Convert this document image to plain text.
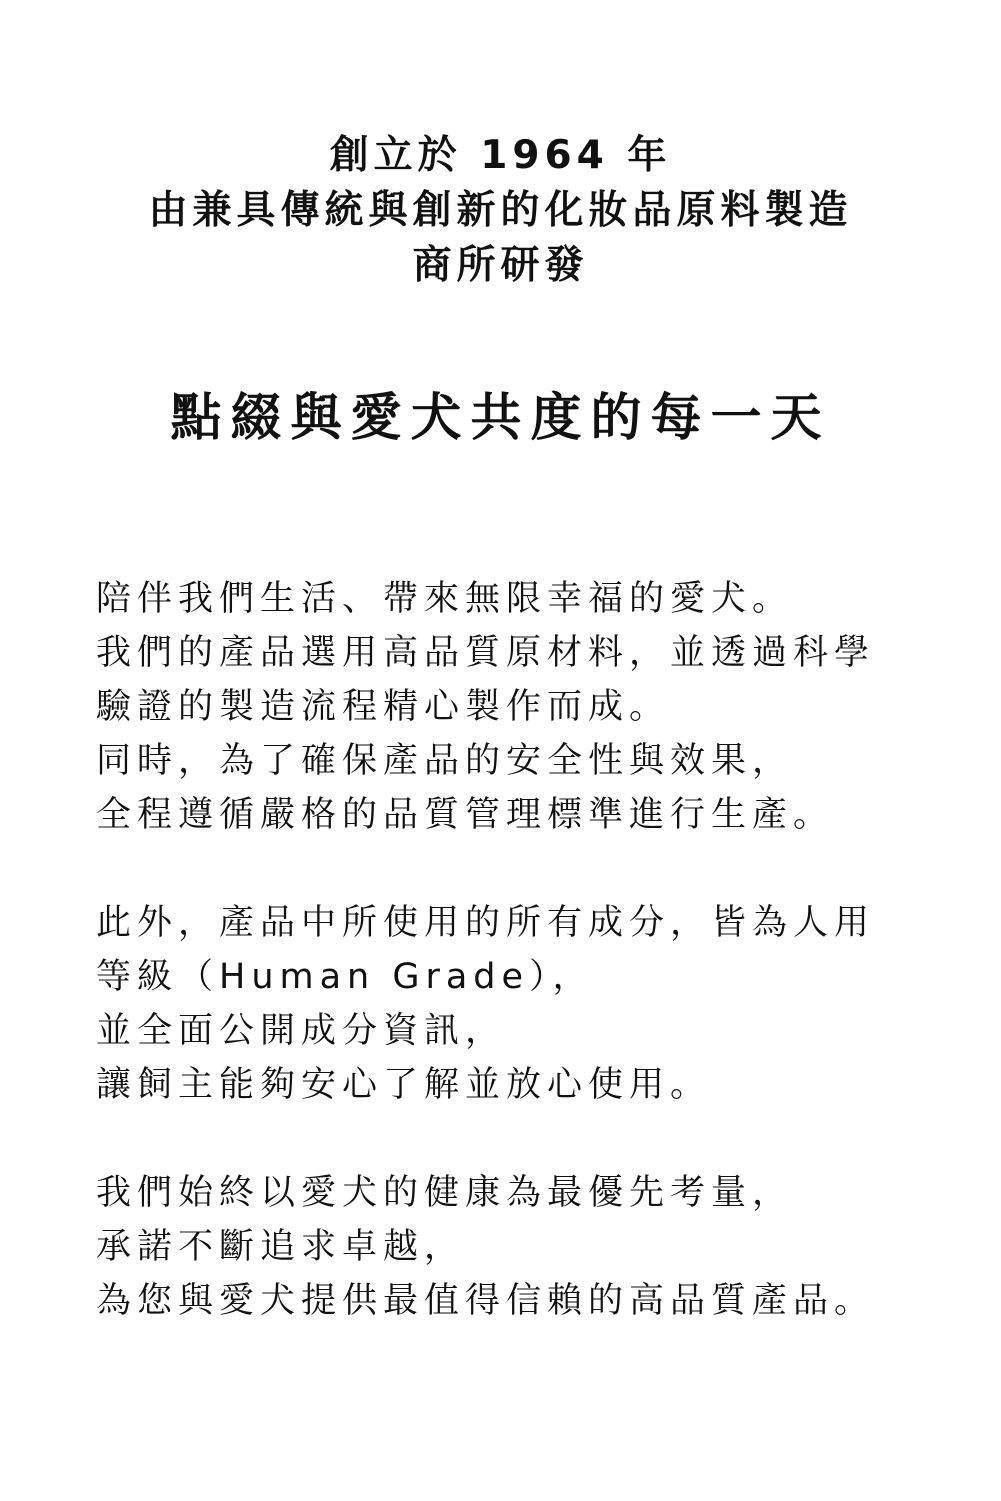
創立於 1964 年
由兼具傳統與創新的化妝品原料製造
商所研發
點綴與愛犬共度的每一天
陪伴我們生活、帶來無限幸福的愛犬。
我們的產品選用高品質原材料，並透過科學
驗證的製造流程精心製作而成。
同時，為了確保產品的安全性與效果，
全程遵循嚴格的品質管理標準進行生產。
此外，產品中所使用的所有成分，皆為人用
等級（Human Grade），
並全面公開成分資訊，
讓飼主能夠安心了解並放心使用。
我們始終以愛犬的健康為最優先考量，
承諾不斷追求卓越，
為您與愛犬提供最值得信賴的高品質產品。
